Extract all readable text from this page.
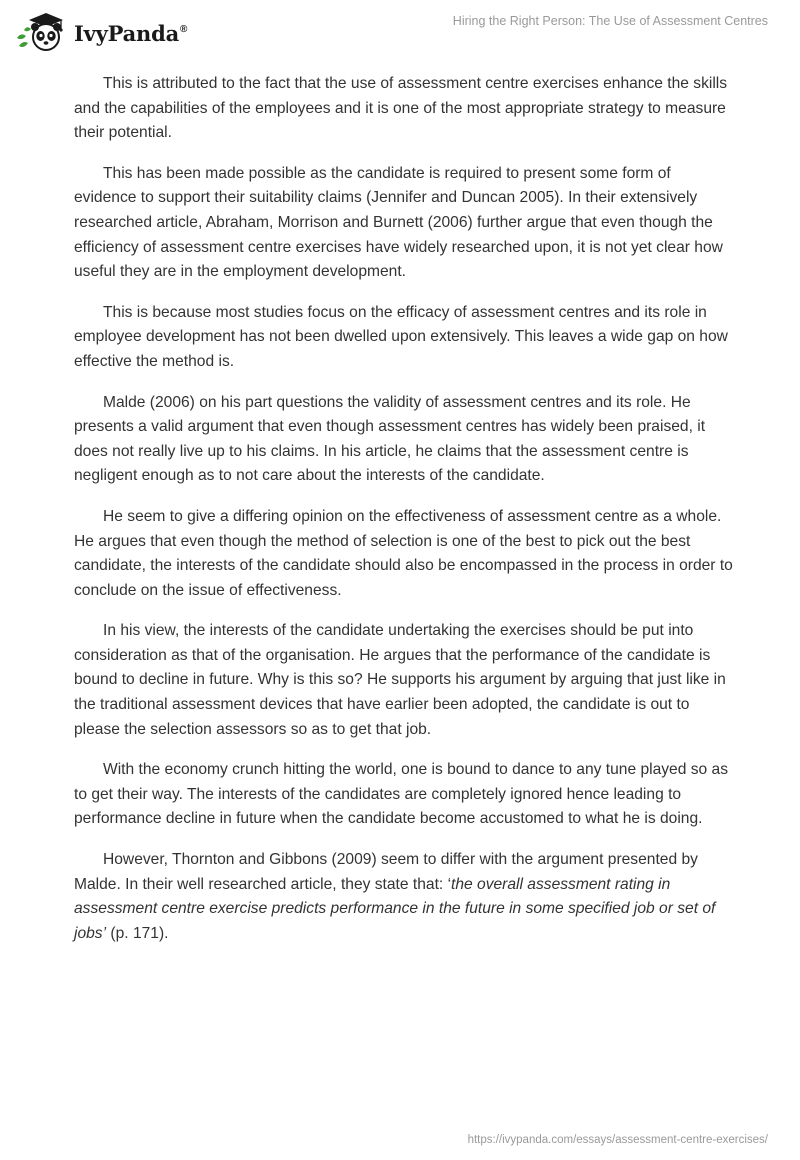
IvyPanda®
Hiring the Right Person: The Use of Assessment Centres

This is attributed to the fact that the use of assessment centre exercises enhance the skills and the capabilities of the employees and it is one of the most appropriate strategy to measure their potential.

This has been made possible as the candidate is required to present some form of evidence to support their suitability claims (Jennifer and Duncan 2005). In their extensively researched article, Abraham, Morrison and Burnett (2006) further argue that even though the efficiency of assessment centre exercises have widely researched upon, it is not yet clear how useful they are in the employment development.

This is because most studies focus on the efficacy of assessment centres and its role in employee development has not been dwelled upon extensively. This leaves a wide gap on how effective the method is.

Malde (2006) on his part questions the validity of assessment centres and its role. He presents a valid argument that even though assessment centres has widely been praised, it does not really live up to his claims. In his article, he claims that the assessment centre is negligent enough as to not care about the interests of the candidate.

He seem to give a differing opinion on the effectiveness of assessment centre as a whole. He argues that even though the method of selection is one of the best to pick out the best candidate, the interests of the candidate should also be encompassed in the process in order to conclude on the issue of effectiveness.

In his view, the interests of the candidate undertaking the exercises should be put into consideration as that of the organisation. He argues that the performance of the candidate is bound to decline in future. Why is this so? He supports his argument by arguing that just like in the traditional assessment devices that have earlier been adopted, the candidate is out to please the selection assessors so as to get that job.

With the economy crunch hitting the world, one is bound to dance to any tune played so as to get their way. The interests of the candidates are completely ignored hence leading to performance decline in future when the candidate become accustomed to what he is doing.

However, Thornton and Gibbons (2009) seem to differ with the argument presented by Malde. In their well researched article, they state that: ‘the overall assessment rating in assessment centre exercise predicts performance in the future in some specified job or set of jobs’ (p. 171).

https://ivypanda.com/essays/assessment-centre-exercises/
